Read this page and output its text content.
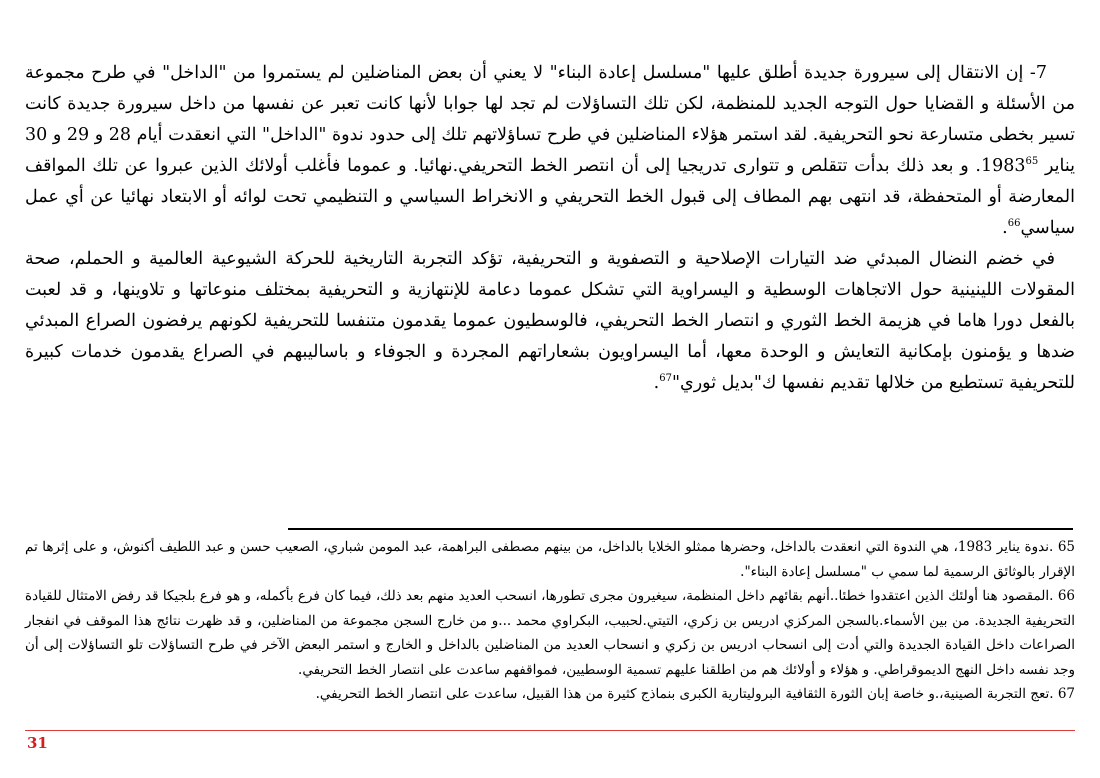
7- إن الانتقال إلى سيرورة جديدة أطلق عليها "مسلسل إعادة البناء" لا يعني أن بعض المناضلين لم يستمروا من "الداخل" في طرح مجموعة من الأسئلة و القضايا حول التوجه الجديد للمنظمة، لكن تلك التساؤلات لم تجد لها جوابا لأنها كانت تعبر عن نفسها من داخل سيرورة جديدة كانت تسير بخطى متسارعة نحو التحريفية. لقد استمر هؤلاء المناضلين في طرح تساؤلاتهم تلك إلى حدود ندوة "الداخل" التي انعقدت أيام 28 و 29 و 30 يناير 1983$^{65}$. و بعد ذلك بدأت تتقلص و تتوارى تدريجيا إلى أن انتصر الخط التحريفي.نهائيا. و عموما فأغلب أولائك الذين عبروا عن تلك المواقف المعارضة أو المتحفظة، قد انتهى بهم المطاف إلى قبول الخط التحريفي و الانخراط السياسي و التنظيمي تحت لوائه أو الابتعاد نهائيا عن أي عمل سياسي$^{66}$.

في خضم النضال المبدئي ضد التيارات الإصلاحية و التصفوية و التحريفية، تؤكد التجربة التاريخية للحركة الشيوعية العالمية و الحملم، صحة المقولات اللينينية حول الاتجاهات الوسطية و اليسراوية التي تشكل عموما دعامة للإنتهازية و التحريفية بمختلف منوعاتها و تلاوينها، و قد لعبت بالفعل دورا هاما في هزيمة الخط الثوري و انتصار الخط التحريفي، فالوسطيون عموما يقدمون متنفسا للتحريفية لكونهم يرفضون الصراع المبدئي ضدها و يؤمنون بإمكانية التعايش و الوحدة معها، أما اليسراويون بشعاراتهم المجردة و الجوفاء و باساليبهم في الصراع يقدمون خدمات كبيرة للتحريفية تستطيع من خلالها تقديم نفسها ك"بديل ثوري"$^{67}$.

65 .ندوة يناير 1983، هي الندوة التي انعقدت بالداخل، وحضرها ممثلو الخلايا بالداخل، من بينهم مصطفى البراهمة، عبد المومن شباري، الصعيب حسن و عبد اللطيف أكنوش، و على إثرها تم الإقرار بالوثائق الرسمية لما سمي ب "مسلسل إعادة البناء".

66 .المقصود هنا أولئك الذين اعتقدوا خطئا..أنهم بقائهم داخل المنظمة، سيغيرون مجرى تطورها، انسحب العديد منهم بعد ذلك، فيما كان فرع بأكمله، و هو فرع بلجيكا قد رفض الامتثال للقيادة التحريفية الجديدة. من بين الأسماء.بالسجن المركزي ادريس بن زكري، التيتي.لحبيب، البكراوي محمد ...و من خارج السجن مجموعة من المناضلين، و قد ظهرت نتائج هذا الموقف في انفجار الصراعات داخل القيادة الجديدة والتي أدت إلى انسحاب ادريس بن زكري و انسحاب العديد من المناضلين بالداخل و الخارج و استمر البعض الآخر في طرح التساؤلات تلو التساؤلات إلى أن وجد نفسه داخل النهج الديموقراطي. و هؤلاء و أولائك هم من اطلقنا عليهم تسمية الوسطيين، فمواقفهم ساعدت على انتصار الخط التحريفي.

67 .تعج التجربة الصينية،.و خاصة إبان الثورة الثقافية البروليتارية الكبرى بنماذج كثيرة من هذا القبيل، ساعدت على انتصار الخط التحريفي.

31
